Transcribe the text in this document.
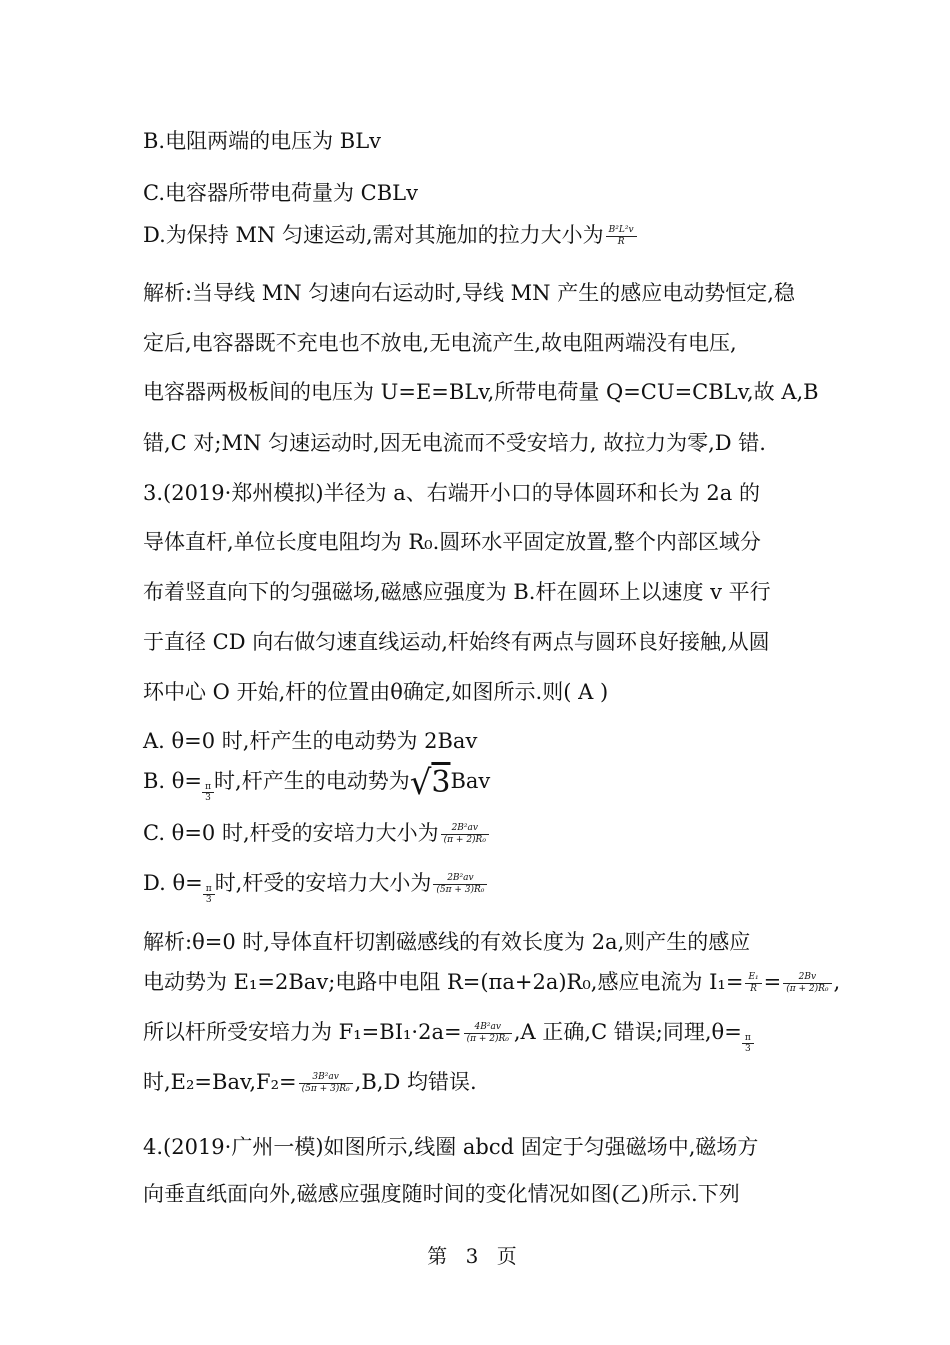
B.电阻两端的电压为 BLv
C.电容器所带电荷量为 CBLv
D.为保持 MN 匀速运动,需对其施加的拉力大小为 $\frac{\text{B²L²v}}{R}$
解析:当导线 MN 匀速向右运动时,导线 MN 产生的感应电动势恒定,稳
定后,电容器既不充电也不放电,无电流产生,故电阻两端没有电压,
电容器两极板间的电压为 U=E=BLv,所带电荷量 Q=CU=CBLv,故 A,B
错,C 对;MN 匀速运动时,因无电流而不受安培力, 故拉力为零,D 错.
3.(2019·郑州模拟)半径为 a、右端开小口的导体圆环和长为 2a 的
导体直杆,单位长度电阻均为 R₀.圆环水平固定放置,整个内部区域分
布着竖直向下的匀强磁场,磁感应强度为 B.杆在圆环上以速度 v 平行
于直径 CD 向右做匀速直线运动,杆始终有两点与圆环良好接触,从圆
环中心 O 开始,杆的位置由θ确定,如图所示.则( A )
A. θ=0 时,杆产生的电动势为 2Bav
B. $\theta= \frac{\pi}{3}$ 时,杆产生的电动势为√3Bav
C. θ=0 时,杆受的安培力大小为 $\frac{\text{2B²av}}{\text{(π + 2)R₀}}$
D. $\theta= \frac{\pi}{3}$ 时,杆受的安培力大小为 $\frac{\text{2B²av}}{\text{(5π + 3)R₀}}$
解析:θ=0 时,导体直杆切割磁感线的有效长度为 2a,则产生的感应
电动势为 E₁=2Bav;电路中电阻 R=(πa+2a)R₀,感应电流为 $I_1= \frac{\text{E₁}}{R} = \frac{2Bv}{\text{(π + 2)R₀}}$ ,
所以杆所受安培力为 $F_1=BI_1\cdot 2a= \frac{\text{4B²av}}{\text{(π + 2)R₀}} ,A$ 正确,C 错误;同理$,\theta= \frac{\pi}{3}$
时$,E_2=Bav,F_2= \frac{\text{3B²av}}{\text{(5π + 3)R₀}} ,B,D$ 均错误.
4.(2019·广州一模)如图所示,线圈 abcd 固定于匀强磁场中,磁场方
向垂直纸面向外,磁感应强度随时间的变化情况如图(乙)所示.下列
第 3 页
